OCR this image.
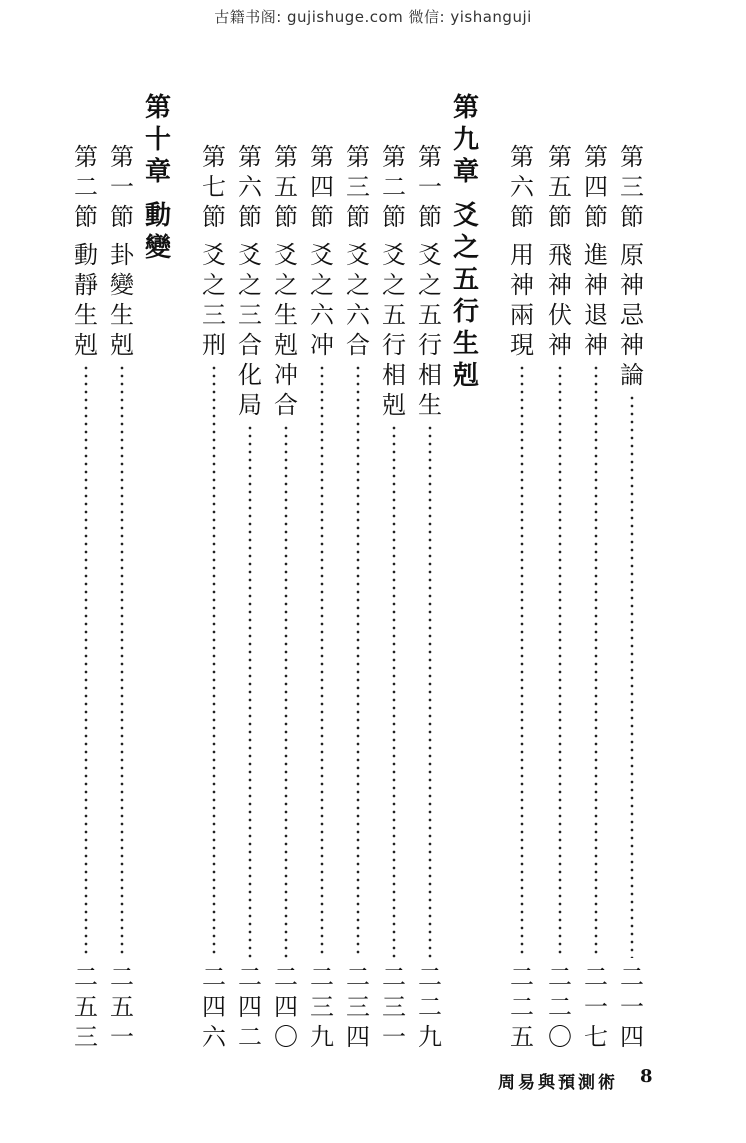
古籍书阁: gujishuge.com 微信: yishanguji
第
三
節
原
神
忌
神
論
二
一
四
第
四
節
進
神
退
神
二
一
七
第
五
節
飛
神
伏
神
二
二
〇
第
六
節
用
神
兩
現
二
二
五
第
九
章
爻
之
五
行
生
剋
第
一
節
爻
之
五
行
相
生
二
二
九
第
二
節
爻
之
五
行
相
剋
二
三
一
第
三
節
爻
之
六
合
二
三
四
第
四
節
爻
之
六
冲
二
三
九
第
五
節
爻
之
生
剋
冲
合
二
四
〇
第
六
節
爻
之
三
合
化
局
二
四
二
第
七
節
爻
之
三
刑
二
四
六
第
十
章
動
變
第
一
節
卦
變
生
剋
二
五
一
第
二
節
動
靜
生
剋
二
五
三
周易與預測術 8
